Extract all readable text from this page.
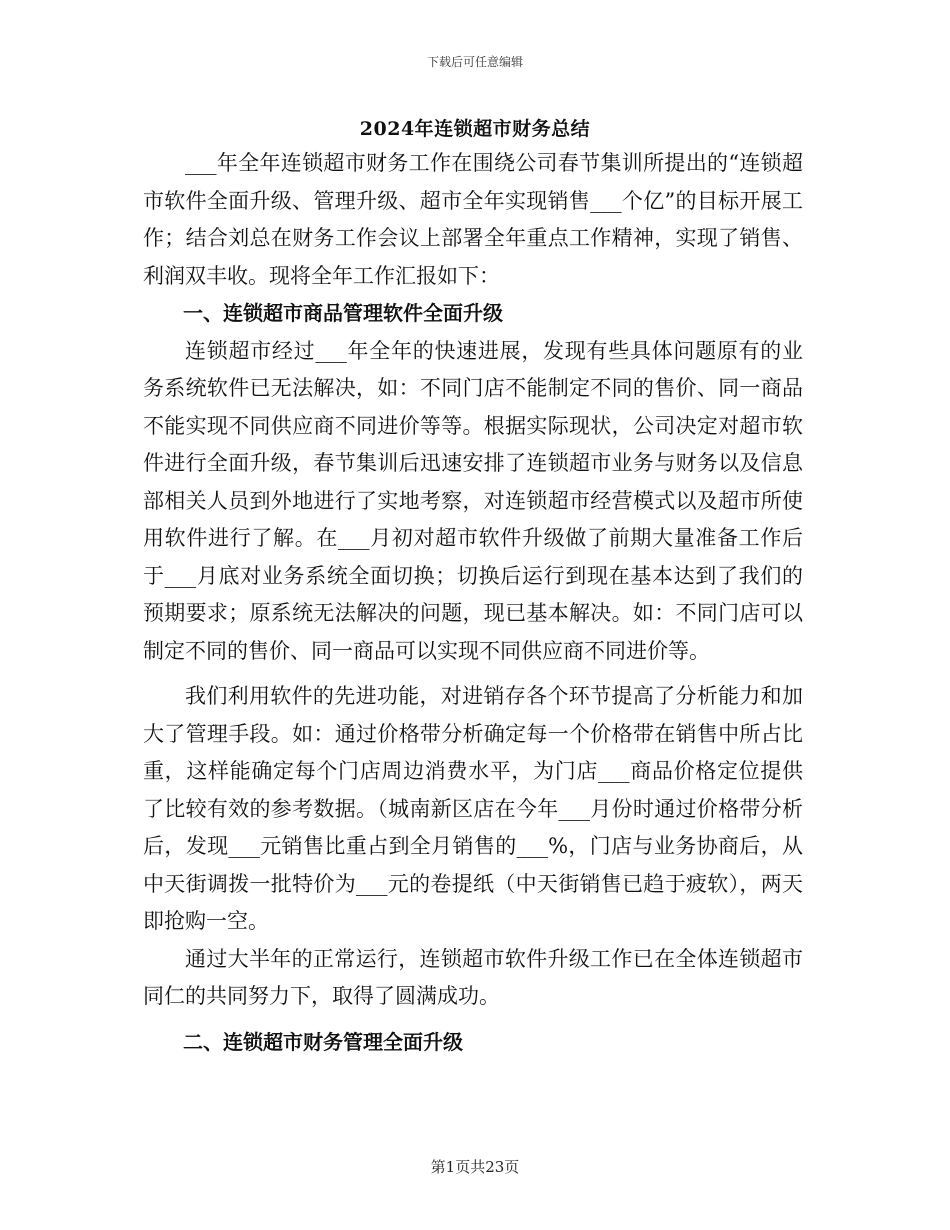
下载后可任意编辑
2024年连锁超市财务总结

___年全年连锁超市财务工作在围绕公司春节集训所提出的“连锁超市软件全面升级、管理升级、超市全年实现销售___个亿”的目标开展工作；结合刘总在财务工作会议上部署全年重点工作精神，实现了销售、利润双丰收。现将全年工作汇报如下：

一、连锁超市商品管理软件全面升级

连锁超市经过___年全年的快速进展，发现有些具体问题原有的业务系统软件已无法解决，如：不同门店不能制定不同的售价、同一商品不能实现不同供应商不同进价等等。根据实际现状，公司决定对超市软件进行全面升级，春节集训后迅速安排了连锁超市业务与财务以及信息部相关人员到外地进行了实地考察，对连锁超市经营模式以及超市所使用软件进行了解。在___月初对超市软件升级做了前期大量准备工作后于___月底对业务系统全面切换；切换后运行到现在基本达到了我们的预期要求；原系统无法解决的问题，现已基本解决。如：不同门店可以制定不同的售价、同一商品可以实现不同供应商不同进价等。

我们利用软件的先进功能，对进销存各个环节提高了分析能力和加大了管理手段。如：通过价格带分析确定每一个价格带在销售中所占比重，这样能确定每个门店周边消费水平，为门店___商品价格定位提供了比较有效的参考数据。（城南新区店在今年___月份时通过价格带分析后，发现___元销售比重占到全月销售的___%，门店与业务协商后，从中天街调拨一批特价为___元的卷提纸（中天街销售已趋于疲软），两天即抢购一空。

通过大半年的正常运行，连锁超市软件升级工作已在全体连锁超市同仁的共同努力下，取得了圆满成功。

二、连锁超市财务管理全面升级
第1页共23页
